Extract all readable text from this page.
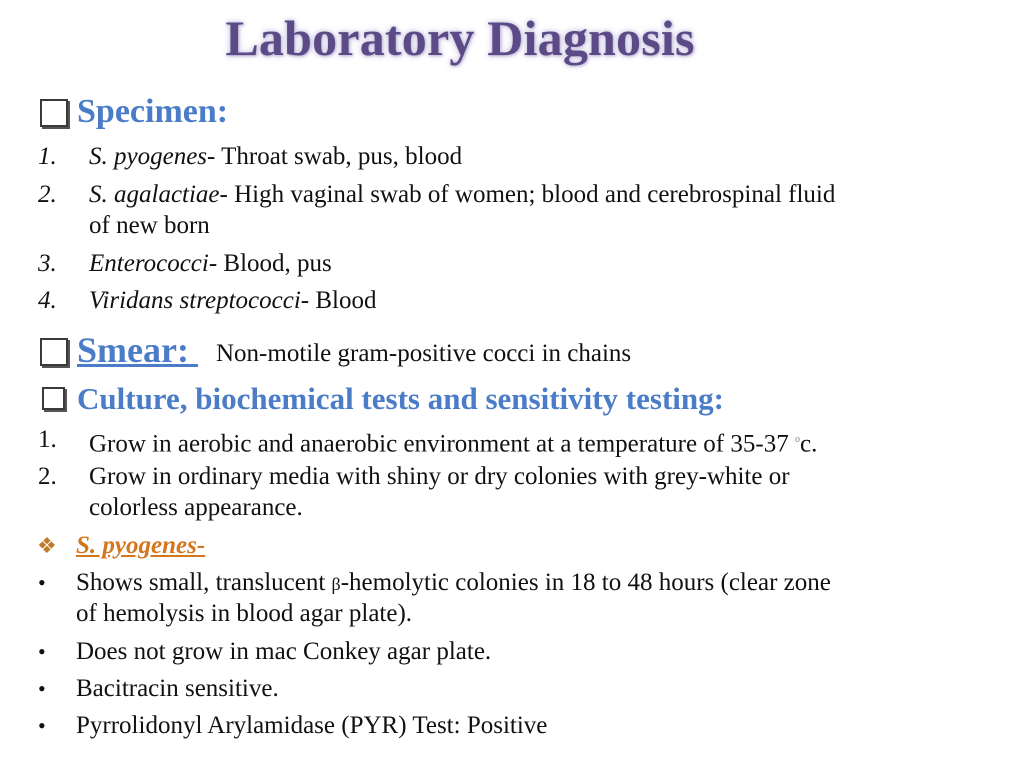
Laboratory Diagnosis
Specimen:
1. S. pyogenes- Throat swab, pus, blood
2. S. agalactiae- High vaginal swab of women; blood and cerebrospinal fluid
of new born
3. Enterococci- Blood, pus
4. Viridans streptococci- Blood
Smear: Non-motile gram-positive cocci in chains
Culture, biochemical tests and sensitivity testing:
1. Grow in aerobic and anaerobic environment at a temperature of 35-37 $^o$c.
2. Grow in ordinary media with shiny or dry colonies with grey-white or
colorless appearance.
❖ S. pyogenes-
• Shows small, translucent β-hemolytic colonies in 18 to 48 hours (clear zone
of hemolysis in blood agar plate).
• Does not grow in mac Conkey agar plate.
• Bacitracin sensitive.
• Pyrrolidonyl Arylamidase (PYR) Test: Positive
